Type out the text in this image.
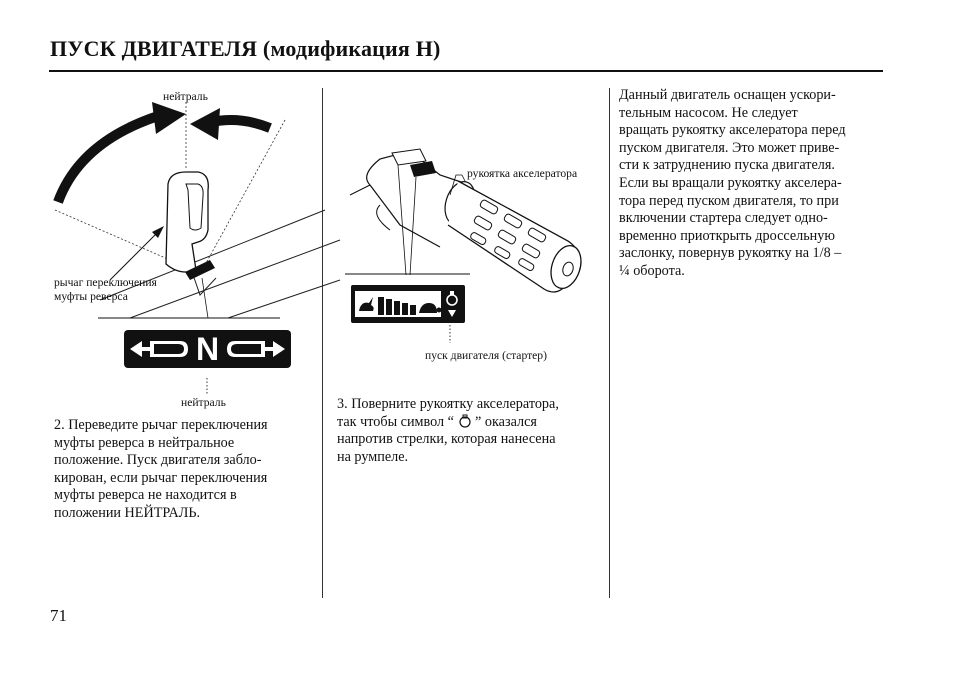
ПУСК ДВИГАТЕЛЯ (модификация H)
нейтраль
рычаг переключения
муфты реверса
N
нейтраль
2. Переведите рычаг переключения
муфты реверса в нейтральное
положение. Пуск двигателя забло-
кирован, если рычаг переключения
муфты реверса не находится в
положении НЕЙТРАЛЬ.
рукоятка акселератора
пуск двигателя (стартер)
3. Поверните рукоятку акселератора,
так чтобы символ “  ” оказался
напротив стрелки, которая нанесена
на румпеле.
Данный двигатель оснащен ускори-
тельным насосом. Не следует
вращать рукоятку акселератора перед
пуском двигателя. Это может приве-
сти к затруднению пуска двигателя.
Если вы вращали рукоятку акселера-
тора перед пуском двигателя, то при
включении стартера следует одно-
временно приоткрыть дроссельную
заслонку, повернув рукоятку на 1/8 –
¼ оборота.
71
